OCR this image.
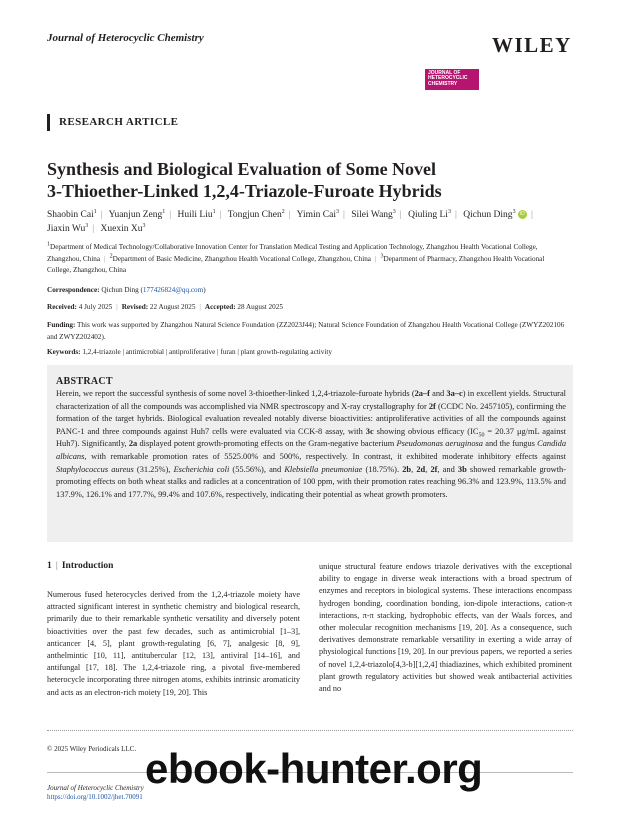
Journal of Heterocyclic Chemistry	WILEY
JOURNAL OF
HETEROCYCLIC
CHEMISTRY
RESEARCH ARTICLE
Synthesis and Biological Evaluation of Some Novel
3-Thioether-Linked 1,2,4-Triazole-Furoate Hybrids
Shaobin Cai$^1$ | Yuanjun Zeng$^1$ | Huili Liu$^1$ | Tongjun Chen$^2$ | Yimin Cai$^3$ | Silei Wang$^3$ | Qiuling Li$^3$ | Qichun Ding$^3$ iD |
Jiaxin Wu$^3$ | Xuexin Xu$^3$
$^1$Department of Medical Technology/Collaborative Innovation Center for Translation Medical Testing and Application Technology, Zhangzhou Health Vocational College, Zhangzhou, China | $^2$Department of Basic Medicine, Zhangzhou Health Vocational College, Zhangzhou, China | $^3$Department of Pharmacy, Zhangzhou Health Vocational College, Zhangzhou, China
Correspondence: Qichun Ding (177426824@qq.com)
Received: 4 July 2025 | Revised: 22 August 2025 | Accepted: 28 August 2025
Funding: This work was supported by Zhangzhou Natural Science Foundation (ZZ2023J44); Natural Science Foundation of Zhangzhou Health Vocational College (ZWYZ202106 and ZWYZ202402).
Keywords: 1,2,4-triazole | antimicrobial | antiproliferative | furan | plant growth-regulating activity
ABSTRACT
Herein, we report the successful synthesis of some novel 3-thioether-linked 1,2,4-triazole-furoate hybrids (2a–f and 3a–c) in excellent yields. Structural characterization of all the compounds was accomplished via NMR spectroscopy and X-ray crystallography for 2f (CCDC No. 2457105), confirming the formation of the target hybrids. Biological evaluation revealed notably diverse bioactivities: antiproliferative activities of all the compounds against PANC-1 and three compounds against Huh7 cells were evaluated via CCK-8 assay, with 3c showing obvious efficacy ($IC_{50} = 20.37$ μg/mL against Huh7). Significantly, 2a displayed potent growth-promoting effects on the Gram-negative bacterium Pseudomonas aeruginosa and the fungus Candida albicans, with remarkable promotion rates of 5525.00% and 500%, respectively. In contrast, it exhibited moderate inhibitory effects against Staphylococcus aureus (31.25%), Escherichia coli (55.56%), and Klebsiella pneumoniae (18.75%). 2b, 2d, 2f, and 3b showed remarkable growth-promoting effects on both wheat stalks and radicles at a concentration of 100 ppm, with their promotion rates reaching 96.3% and 123.9%, 113.5% and 137.9%, 126.1% and 177.7%, 99.4% and 107.6%, respectively, indicating their potential as wheat growth promoters.
1 | Introduction
Numerous fused heterocycles derived from the 1,2,4-triazole moiety have attracted significant interest in synthetic chemistry and biological research, primarily due to their remarkable synthetic versatility and diversely potent bioactivities over the past few decades, such as antimicrobial [1–3], anticancer [4, 5], plant growth-regulating [6, 7], analgesic [8, 9], anthelmintic [10, 11], antitubercular [12, 13], antiviral [14–16], and antifungal [17, 18]. The 1,2,4-triazole ring, a pivotal five-membered heterocycle incorporating three nitrogen atoms, exhibits intrinsic aromaticity and acts as an electron-rich moiety [19, 20]. This
unique structural feature endows triazole derivatives with the exceptional ability to engage in diverse weak interactions with a broad spectrum of enzymes and receptors in biological systems. These interactions encompass hydrogen bonding, coordination bonding, ion-dipole interactions, cation-π interactions, π-π stacking, hydrophobic effects, van der Waals forces, and other molecular recognition mechanisms [19, 20]. As a consequence, such derivatives demonstrate remarkable versatility in exerting a wide array of physiological functions [19, 20]. In our previous papers, we reported a series of novel 1,2,4-triazolo[4,3-b][1,2,4] thiadiazines, which exhibited prominent plant growth regulatory activities but showed weak antibacterial activities and no
© 2025 Wiley Periodicals LLC.
Journal of Heterocyclic Chemistry
https://doi.org/10.1002/jhet.70091
ebook-hunter.org
